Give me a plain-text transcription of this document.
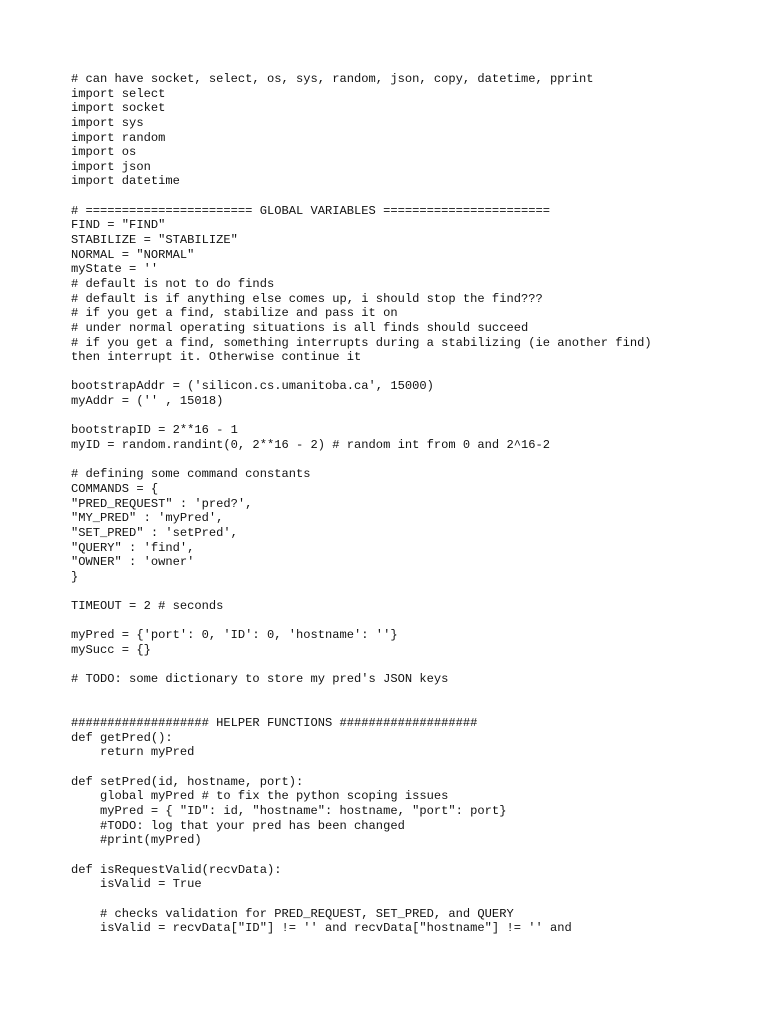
# can have socket, select, os, sys, random, json, copy, datetime, pprint
import select
import socket
import sys
import random
import os
import json
import datetime
# ======================= GLOBAL VARIABLES =======================
FIND = "FIND"
STABILIZE = "STABILIZE"
NORMAL = "NORMAL"
myState = ''
# default is not to do finds
# default is if anything else comes up, i should stop the find???
# if you get a find, stabilize and pass it on
# under normal operating situations is all finds should succeed
# if you get a find, something interrupts during a stabilizing (ie another find)
then interrupt it. Otherwise continue it
bootstrapAddr = ('silicon.cs.umanitoba.ca', 15000)
myAddr = ('' , 15018)
bootstrapID = 2**16 - 1
myID = random.randint(0, 2**16 - 2) # random int from 0 and 2^16-2
# defining some command constants
COMMANDS = {
"PRED_REQUEST" : 'pred?',
"MY_PRED" : 'myPred',
"SET_PRED" : 'setPred',
"QUERY" : 'find',
"OWNER" : 'owner'
}
TIMEOUT = 2 # seconds
myPred = {'port': 0, 'ID': 0, 'hostname': ''}
mySucc = {}
# TODO: some dictionary to store my pred's JSON keys
################### HELPER FUNCTIONS ###################
def getPred():
return myPred
def setPred(id, hostname, port):
global myPred # to fix the python scoping issues
myPred = { "ID": id, "hostname": hostname, "port": port}
#TODO: log that your pred has been changed
#print(myPred)
def isRequestValid(recvData):
isValid = True
# checks validation for PRED_REQUEST, SET_PRED, and QUERY
isValid = recvData["ID"] != '' and recvData["hostname"] != '' and
